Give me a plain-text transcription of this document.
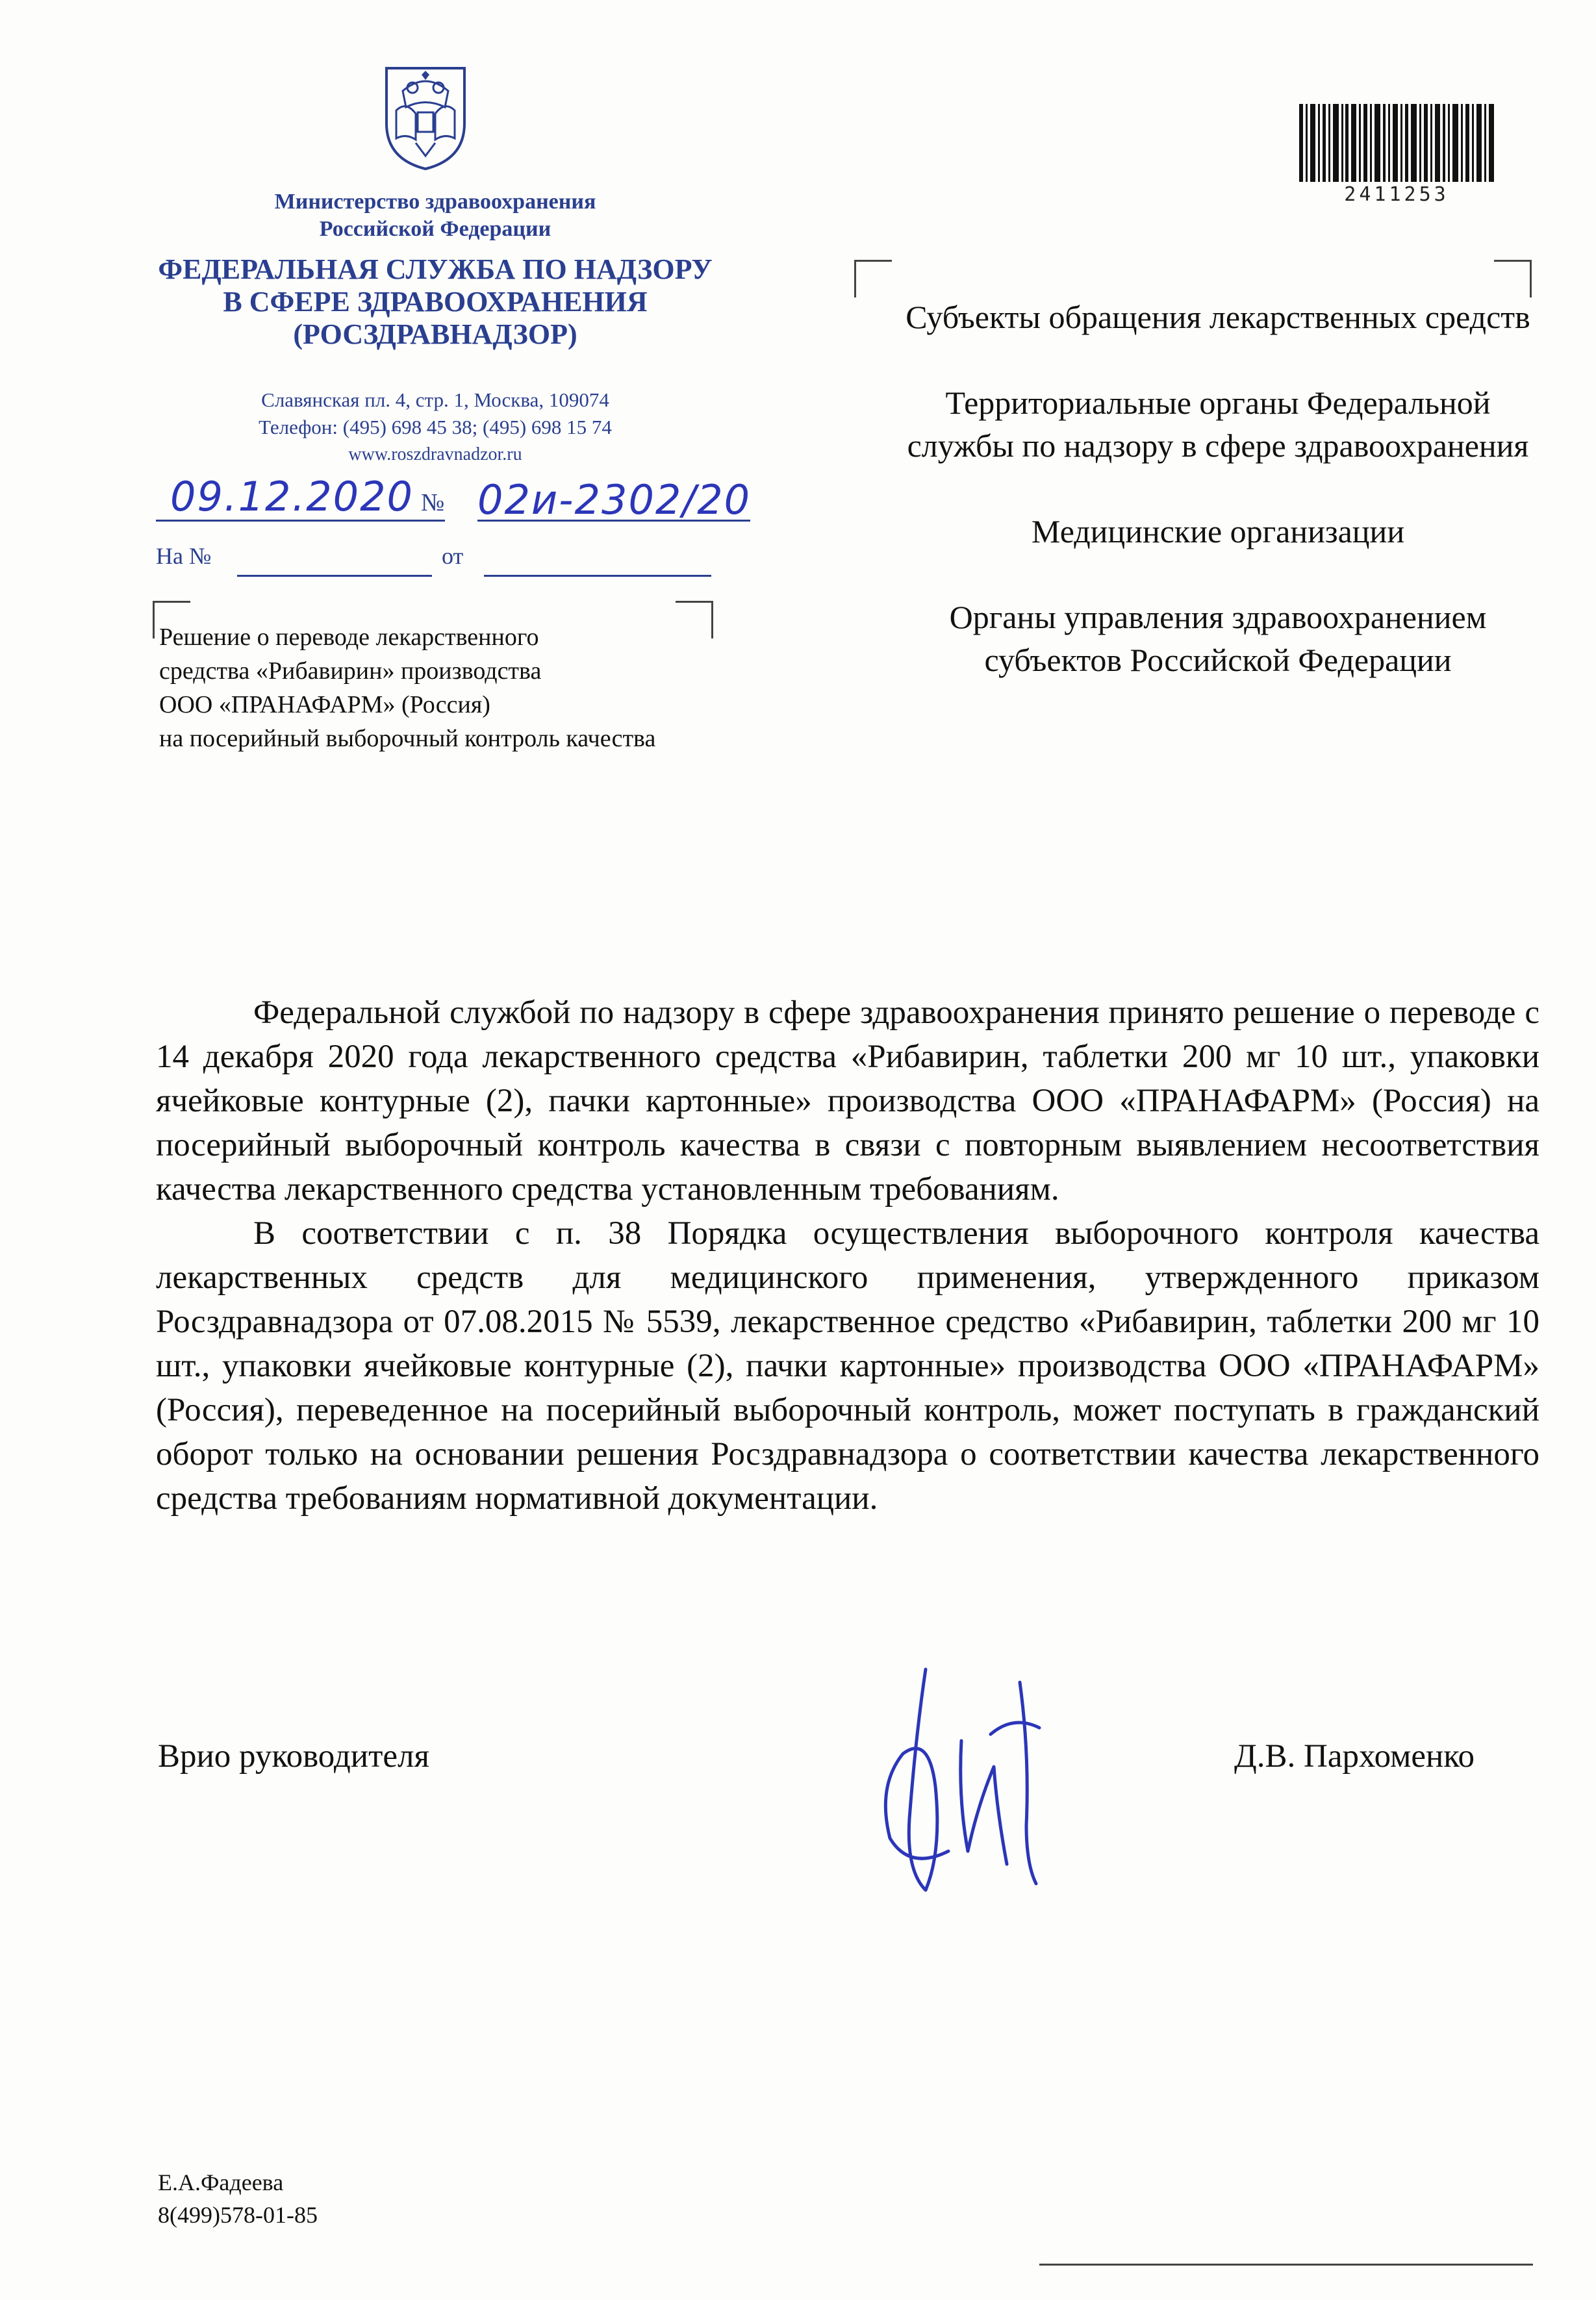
Министерство здравоохранения
Российской Федерации
ФЕДЕРАЛЬНАЯ СЛУЖБА ПО НАДЗОРУ
В СФЕРЕ ЗДРАВООХРАНЕНИЯ
(РОСЗДРАВНАДЗОР)
Славянская пл. 4, стр. 1, Москва, 109074
Телефон: (495) 698 45 38; (495) 698 15 74
www.roszdravnadzor.ru
09.12.2020 № 02и-2302/20
На №	от
Решение о переводе лекарственного
средства «Рибавирин» производства
ООО «ПРАНАФАРМ» (Россия)
на посерийный выборочный контроль качества
2411253

Субъекты обращения лекарственных средств

Территориальные органы Федеральной службы по надзору в сфере здравоохранения

Медицинские организации

Органы управления здравоохранением субъектов Российской Федерации

Федеральной службой по надзору в сфере здравоохранения принято решение о переводе с 14 декабря 2020 года лекарственного средства «Рибавирин, таблетки 200 мг 10 шт., упаковки ячейковые контурные (2), пачки картонные» производства ООО «ПРАНАФАРМ» (Россия) на посерийный выборочный контроль качества в связи с повторным выявлением несоответствия качества лекарственного средства установленным требованиям.

В соответствии с п. 38 Порядка осуществления выборочного контроля качества лекарственных средств для медицинского применения, утвержденного приказом Росздравнадзора от 07.08.2015 № 5539, лекарственное средство «Рибавирин, таблетки 200 мг 10 шт., упаковки ячейковые контурные (2), пачки картонные» производства ООО «ПРАНАФАРМ» (Россия), переведенное на посерийный выборочный контроль, может поступать в гражданский оборот только на основании решения Росздравнадзора о соответствии качества лекарственного средства требованиям нормативной документации.

Врио руководителя	Д.В. Пархоменко
Е.А.Фадеева
8(499)578-01-85
